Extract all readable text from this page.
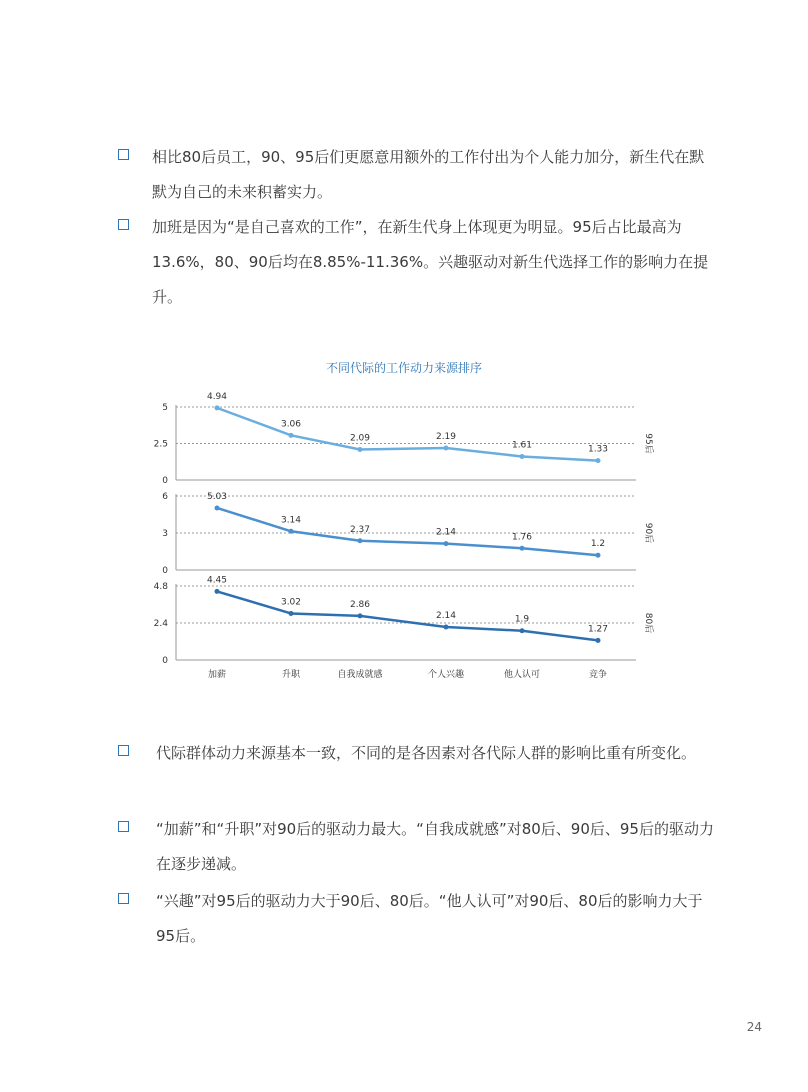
相比80后员工，90、95后们更愿意用额外的工作付出为个人能力加分，新生代在默默为自己的未来积蓄实力。

加班是因为“是自己喜欢的工作”，在新生代身上体现更为明显。95后占比最高为13.6%，80、90后均在8.85%-11.36%。兴趣驱动对新生代选择工作的影响力在提升。

不同代际的工作动力来源排序
0
2.5
5
4.94
3.06
2.09	2.19
1.61	1.33	95后
0
3
6	5.03
3.14
2.37	2.14	1.76
1.2
90后
0
2.4
4.8
4.45
3.02	2.86
2.14	1.9
1.27	80后
加薪	升职	自我成就感	个人兴趣	他人认可	竞争

代际群体动力来源基本一致，不同的是各因素对各代际人群的影响比重有所变化。

“加薪”和“升职”对90后的驱动力最大。“自我成就感”对80后、90后、95后的驱动力在逐步递减。

“兴趣”对95后的驱动力大于90后、80后。“他人认可”对90后、80后的影响力大于95后。

24
